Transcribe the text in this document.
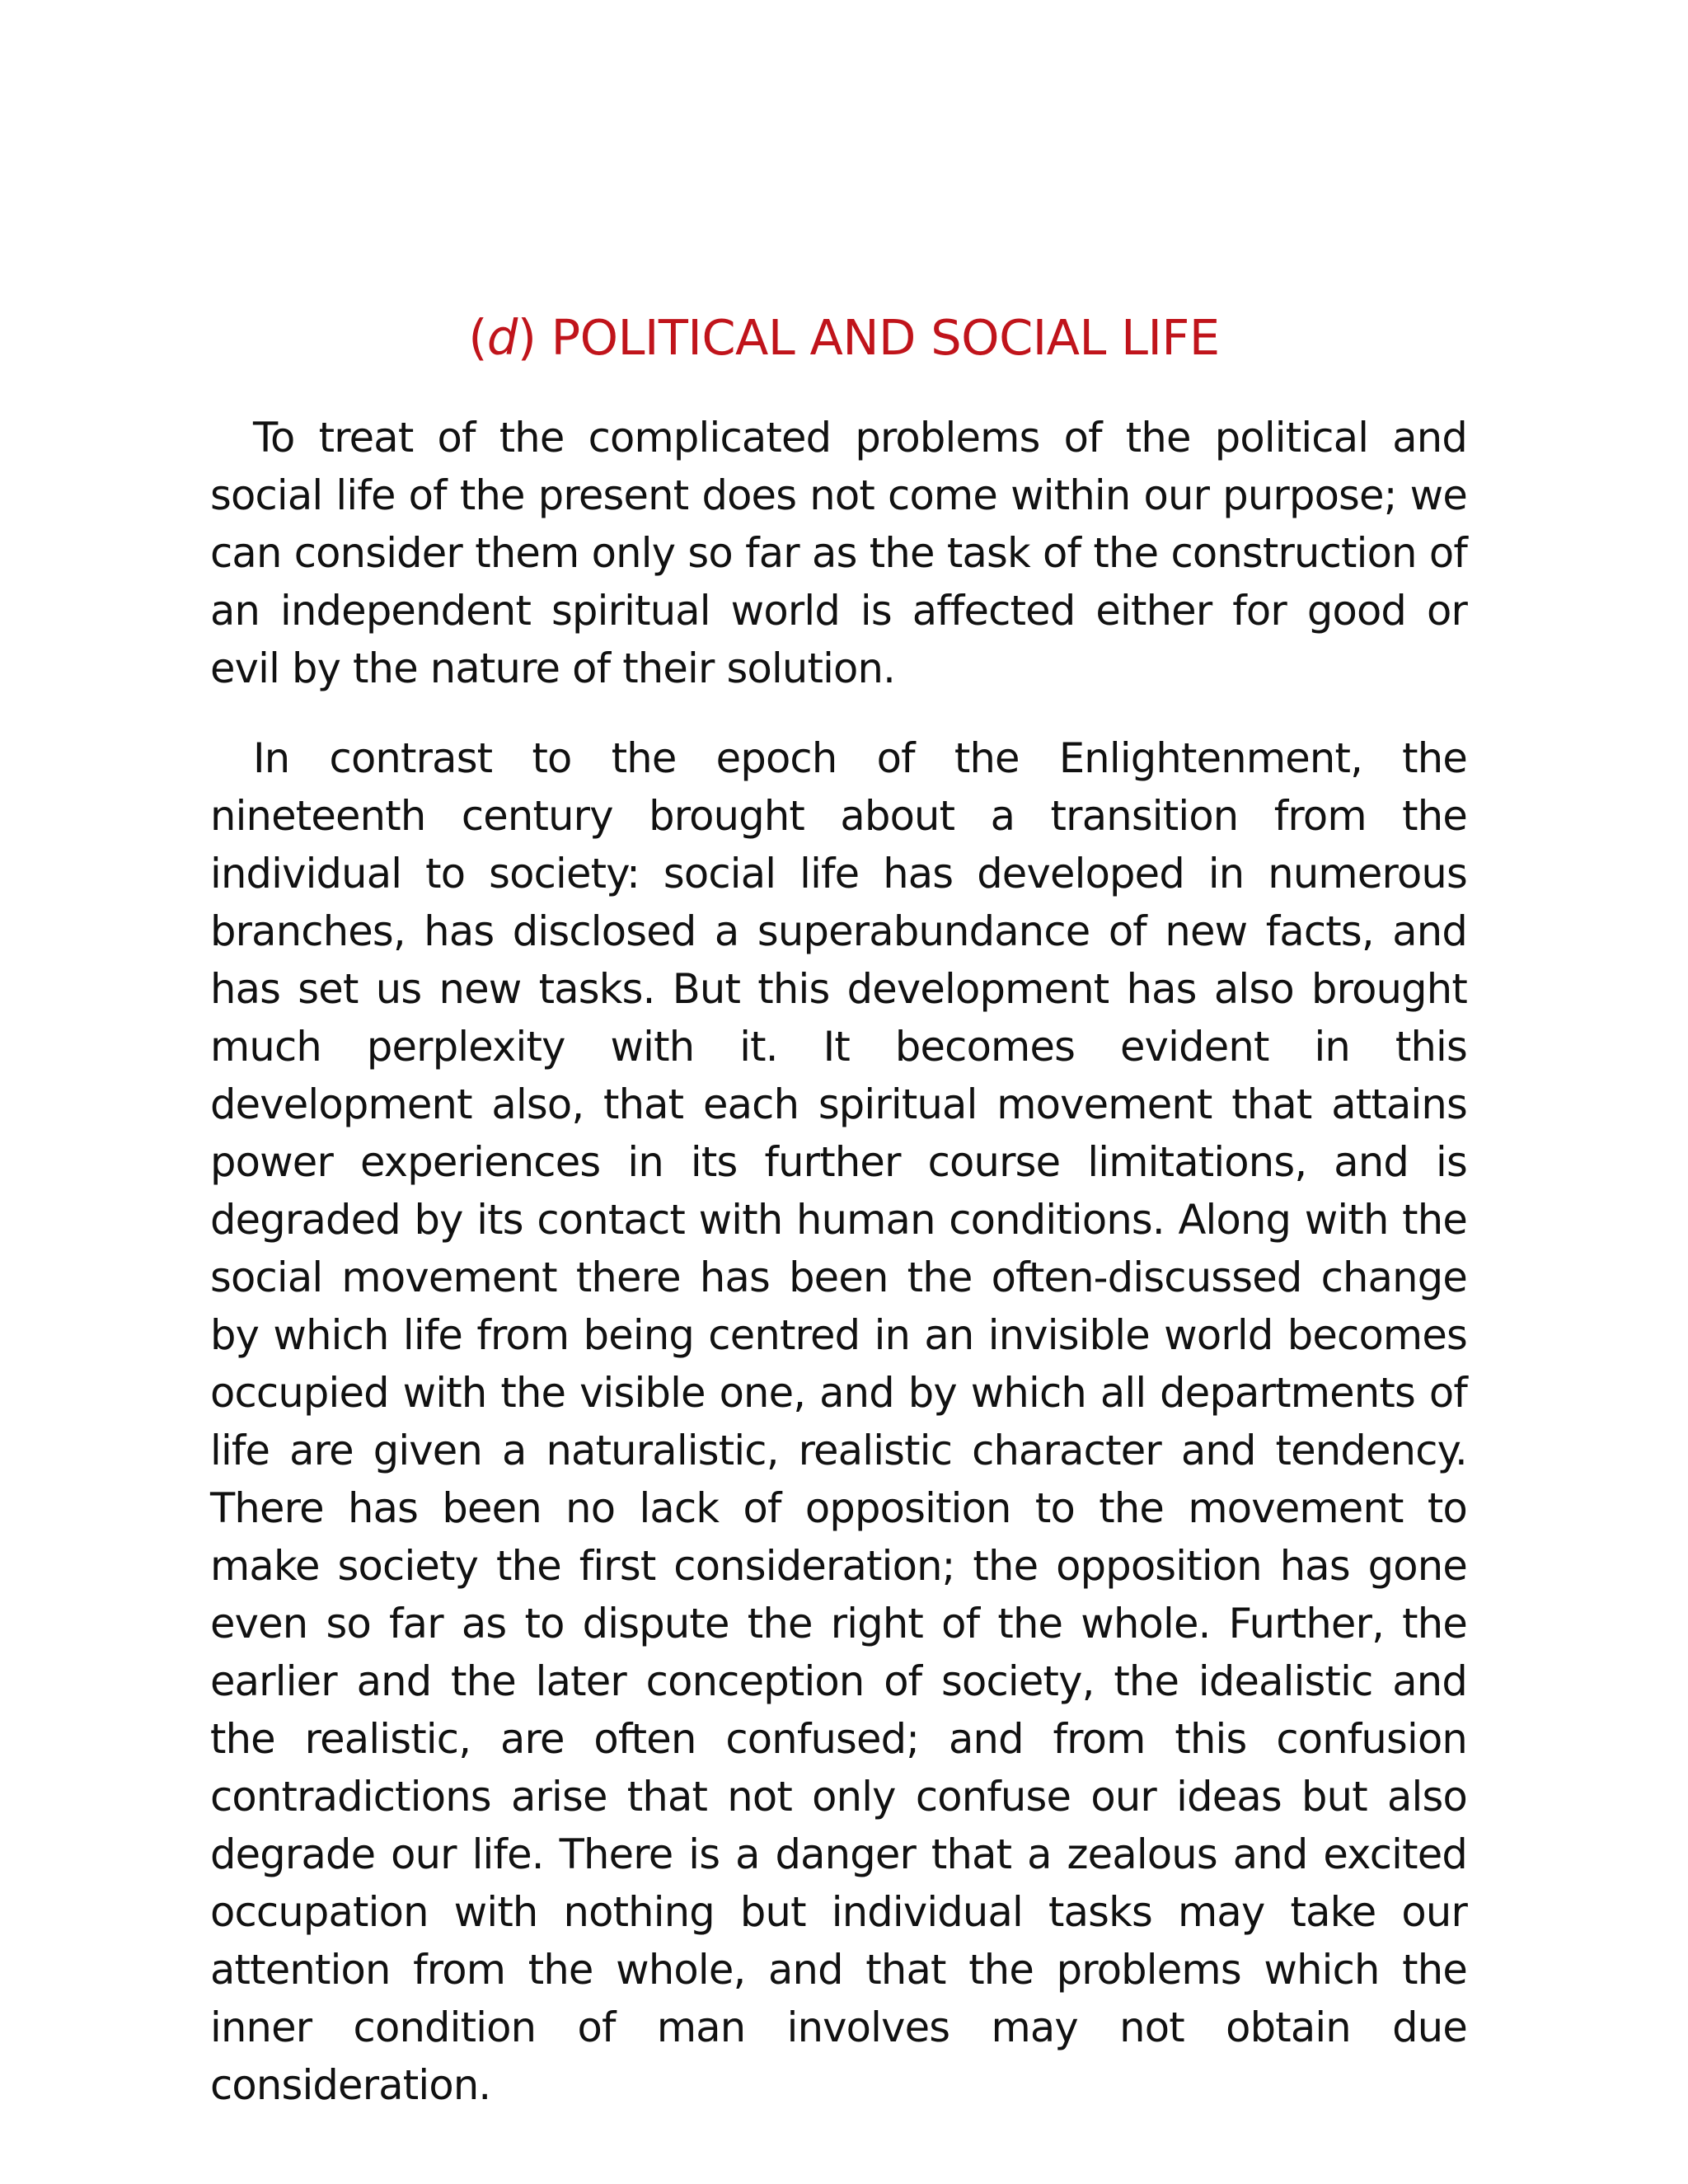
(d) POLITICAL AND SOCIAL LIFE

To treat of the complicated problems of the political and social life of the present does not come within our purpose; we can consider them only so far as the task of the construction of an independent spiritual world is affected either for good or evil by the nature of their solution.

In contrast to the epoch of the Enlightenment, the nineteenth century brought about a transition from the individual to society: social life has developed in numerous branches, has disclosed a superabundance of new facts, and has set us new tasks. But this development has also brought much perplexity with it. It becomes evident in this development also, that each spiritual movement that attains power experiences in its further course limitations, and is degraded by its contact with human conditions. Along with the social movement there has been the often-discussed change by which life from being centred in an invisible world becomes occupied with the visible one, and by which all departments of life are given a naturalistic, realistic character and tendency. There has been no lack of opposition to the movement to make society the first consideration; the opposition has gone even so far as to dispute the right of the whole. Further, the earlier and the later conception of society, the idealistic and the realistic, are often confused; and from this confusion contradictions arise that not only confuse our ideas but also degrade our life. There is a danger that a zealous and excited occupation with nothing but individual tasks may take our attention from the whole, and that the problems which the inner condition of man involves may not obtain due consideration.
